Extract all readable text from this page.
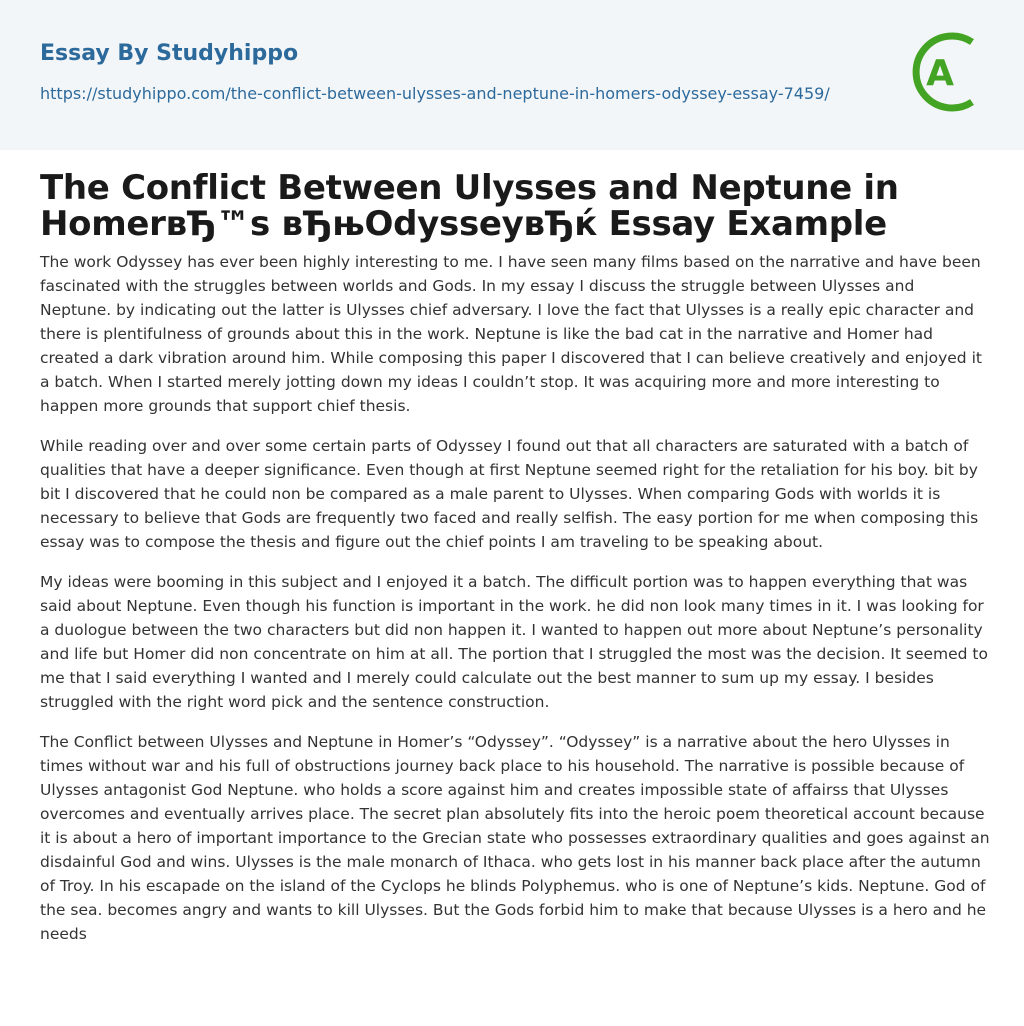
Essay By Studyhippo
https://studyhippo.com/the-conflict-between-ulysses-and-neptune-in-homers-odyssey-essay-7459/	A
The Conflict Between Ulysses and Neptune in HomerвЂ™s вЂњOdysseyвЂќ Essay Example

The work Odyssey has ever been highly interesting to me. I have seen many films based on the narrative and have been fascinated with the struggles between worlds and Gods. In my essay I discuss the struggle between Ulysses and Neptune. by indicating out the latter is Ulysses chief adversary. I love the fact that Ulysses is a really epic character and there is plentifulness of grounds about this in the work. Neptune is like the bad cat in the narrative and Homer had created a dark vibration around him. While composing this paper I discovered that I can believe creatively and enjoyed it a batch. When I started merely jotting down my ideas I couldn’t stop. It was acquiring more and more interesting to happen more grounds that support chief thesis.

While reading over and over some certain parts of Odyssey I found out that all characters are saturated with a batch of qualities that have a deeper significance. Even though at first Neptune seemed right for the retaliation for his boy. bit by bit I discovered that he could non be compared as a male parent to Ulysses. When comparing Gods with worlds it is necessary to believe that Gods are frequently two faced and really selfish. The easy portion for me when composing this essay was to compose the thesis and figure out the chief points I am traveling to be speaking about.

My ideas were booming in this subject and I enjoyed it a batch. The difficult portion was to happen everything that was said about Neptune. Even though his function is important in the work. he did non look many times in it. I was looking for a duologue between the two characters but did non happen it. I wanted to happen out more about Neptune’s personality and life but Homer did non concentrate on him at all. The portion that I struggled the most was the decision. It seemed to me that I said everything I wanted and I merely could calculate out the best manner to sum up my essay. I besides struggled with the right word pick and the sentence construction.

The Conflict between Ulysses and Neptune in Homer’s “Odyssey”. “Odyssey” is a narrative about the hero Ulysses in times without war and his full of obstructions journey back place to his household. The narrative is possible because of Ulysses antagonist God Neptune. who holds a score against him and creates impossible state of affairss that Ulysses overcomes and eventually arrives place. The secret plan absolutely fits into the heroic poem theoretical account because it is about a hero of important importance to the Grecian state who possesses extraordinary qualities and goes against an disdainful God and wins. Ulysses is the male monarch of Ithaca. who gets lost in his manner back place after the autumn of Troy. In his escapade on the island of the Cyclops he blinds Polyphemus. who is one of Neptune’s kids. Neptune. God of the sea. becomes angry and wants to kill Ulysses. But the Gods forbid him to make that because Ulysses is a hero and he needs
